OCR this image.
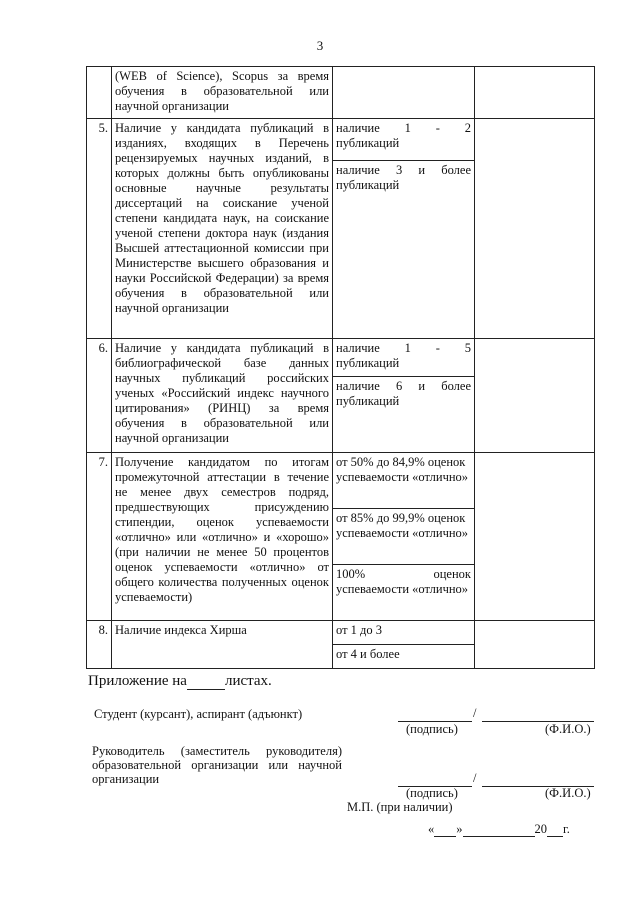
3
	(WEB of Science), Scopus за время обучения в образовательной или научной организации		
5.	Наличие у кандидата публикаций в изданиях, входящих в Перечень рецензируемых научных изданий, в которых должны быть опубликованы основные научные результаты диссертаций на соискание ученой степени кандидата наук, на соискание ученой степени доктора наук (издания Высшей аттестационной комиссии при Министерстве высшего образования и науки Российской Федерации) за время обучения в образовательной или научной организации	наличие 1 - 2 публикаций	
		наличие 3 и более публикаций	
6.	Наличие у кандидата публикаций в библиографической базе данных научных публикаций российских ученых «Российский индекс научного цитирования» (РИНЦ) за время обучения в образовательной или научной организации	наличие 1 - 5 публикаций	
		наличие 6 и более публикаций	
7.	Получение кандидатом по итогам промежуточной аттестации в течение не менее двух семестров подряд, предшествующих присуждению стипендии, оценок успеваемости «отлично» или «отлично» и «хорошо» (при наличии не менее 50 процентов оценок успеваемости «отлично» от общего количества полученных оценок успеваемости)	от 50% до 84,9% оценок успеваемости «отлично»	
		от 85% до 99,9% оценок успеваемости «отлично»	
		100% оценок успеваемости «отлично»	
8.	Наличие индекса Хирша	от 1 до 3	
		от 4 и более	
Приложение на	листах.
Студент (курсант), аспирант (адъюнкт)	/
(подпись)	(Ф.И.О.)
Руководитель (заместитель руководителя) образовательной организации или научной организации	/
(подпись)	(Ф.И.О.)
М.П. (при наличии)
« »	20 г.
